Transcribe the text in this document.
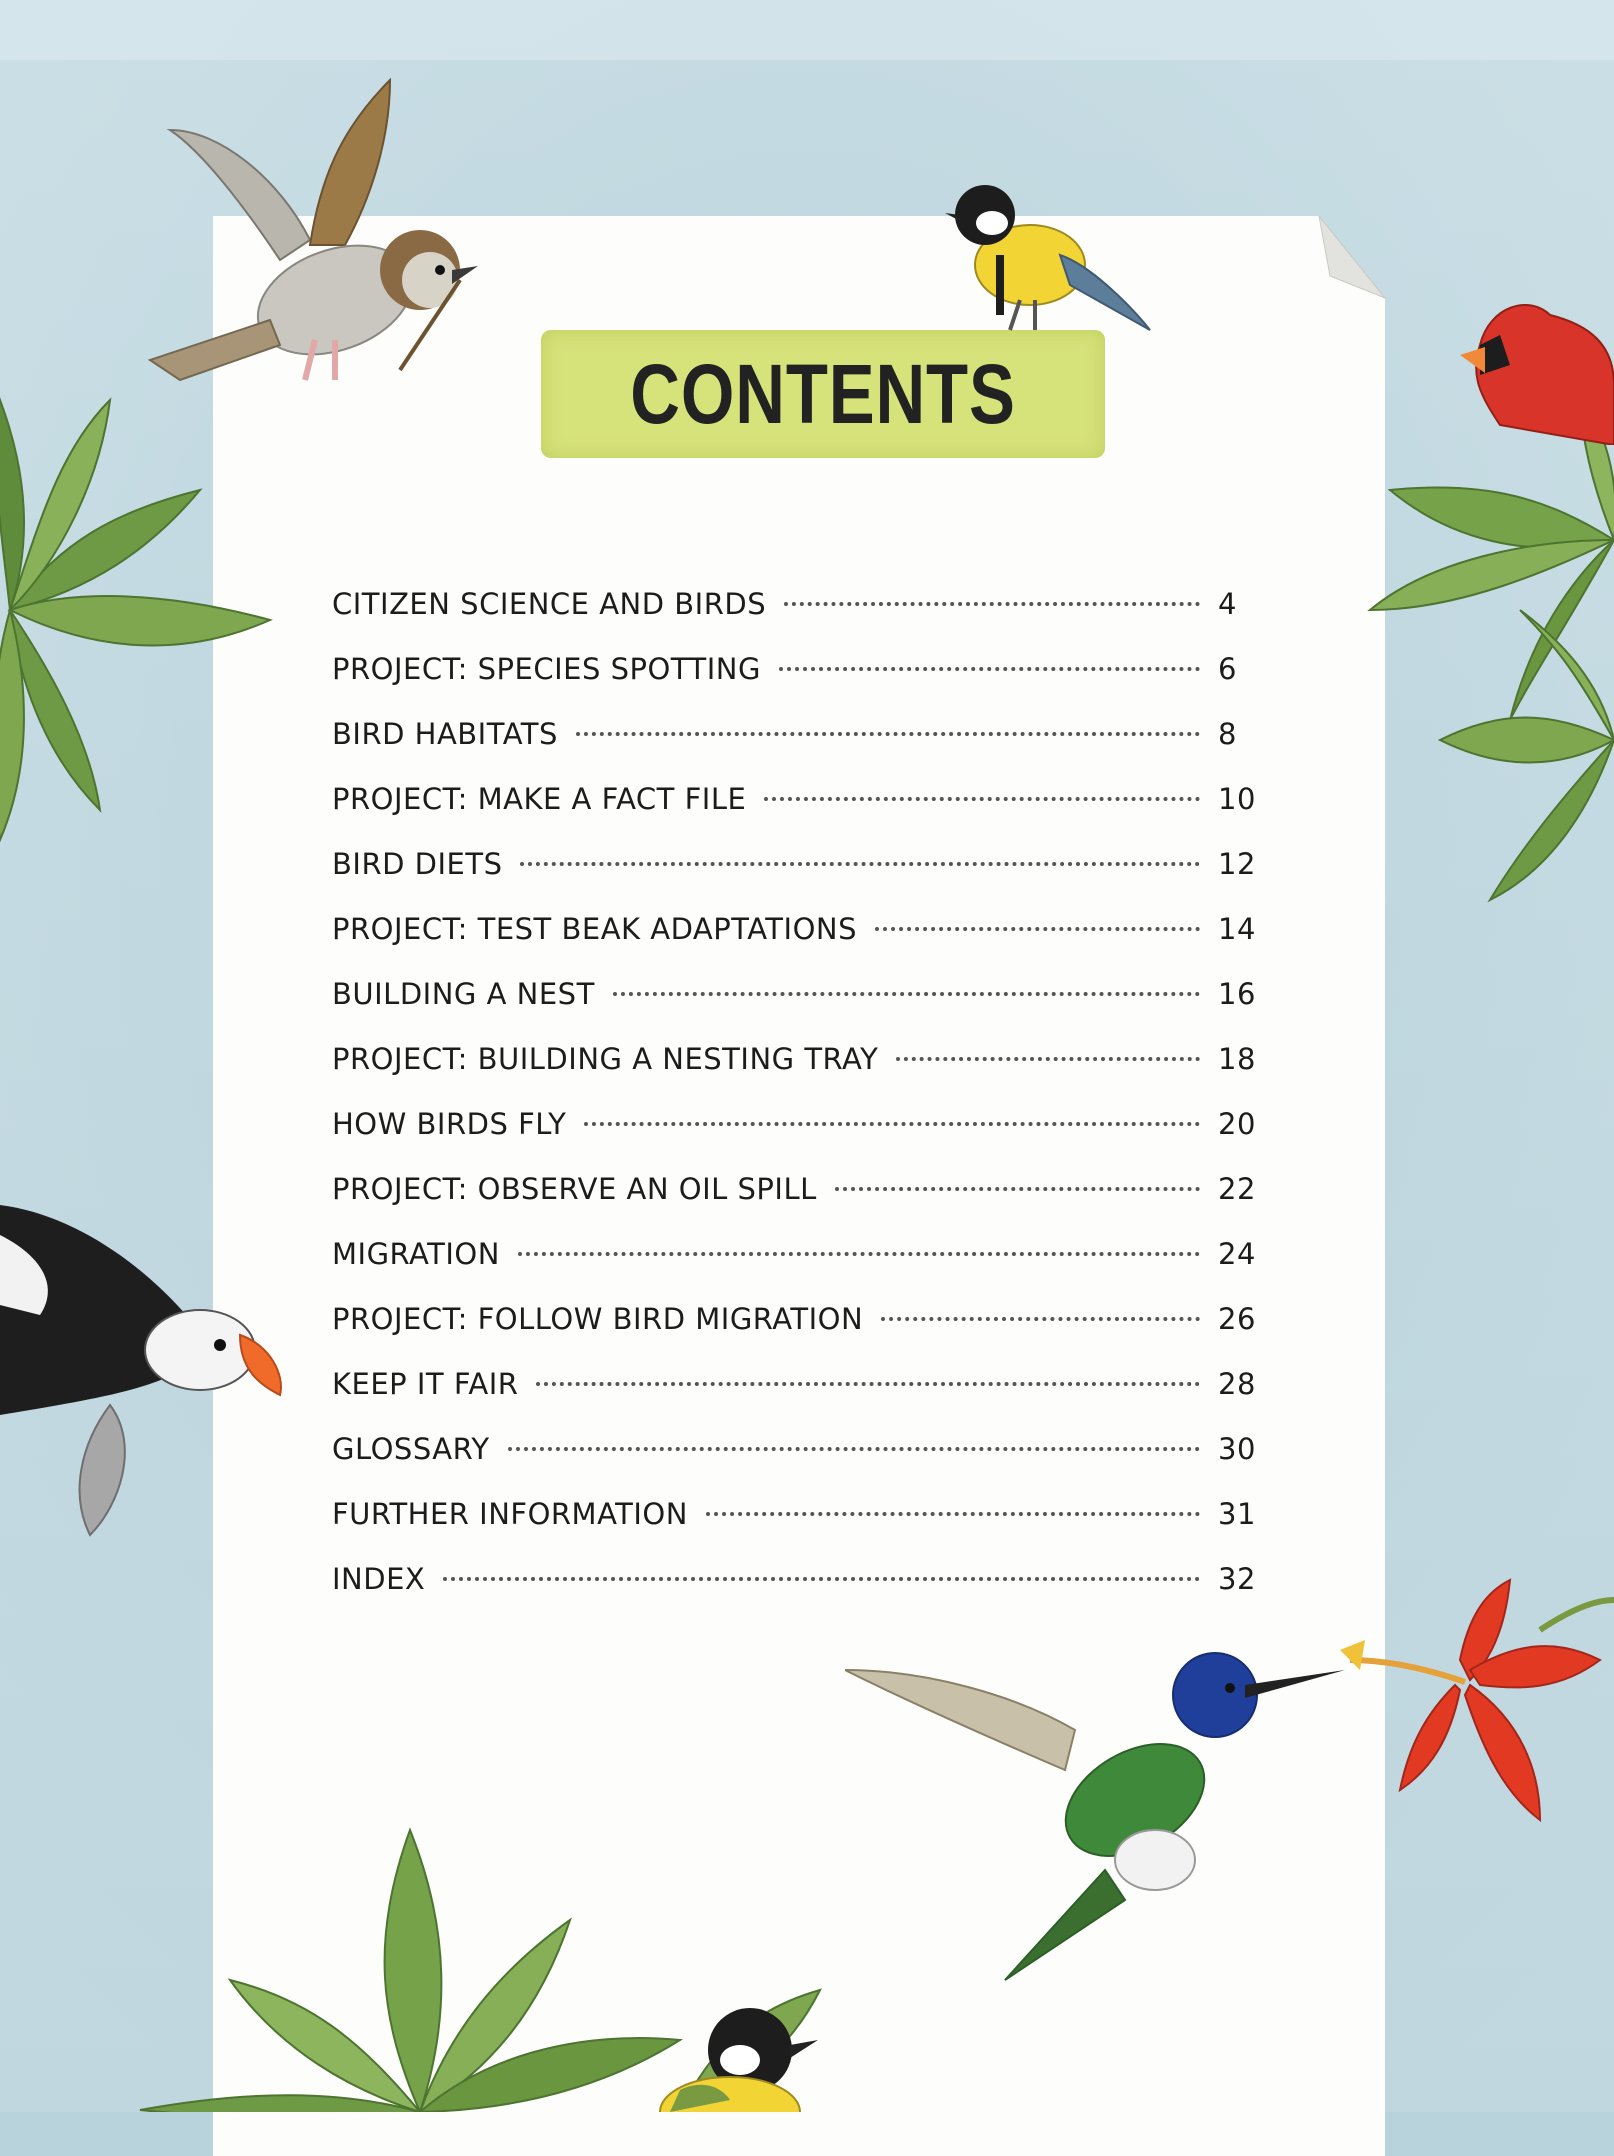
CONTENTS
CITIZEN SCIENCE AND BIRDS	4
PROJECT: SPECIES SPOTTING	6
BIRD HABITATS	8
PROJECT: MAKE A FACT FILE	10
BIRD DIETS	12
PROJECT: TEST BEAK ADAPTATIONS	14
BUILDING A NEST	16
PROJECT: BUILDING A NESTING TRAY	18
HOW BIRDS FLY	20
PROJECT: OBSERVE AN OIL SPILL	22
MIGRATION	24
PROJECT: FOLLOW BIRD MIGRATION	26
KEEP IT FAIR	28
GLOSSARY	30
FURTHER INFORMATION	31
INDEX	32
